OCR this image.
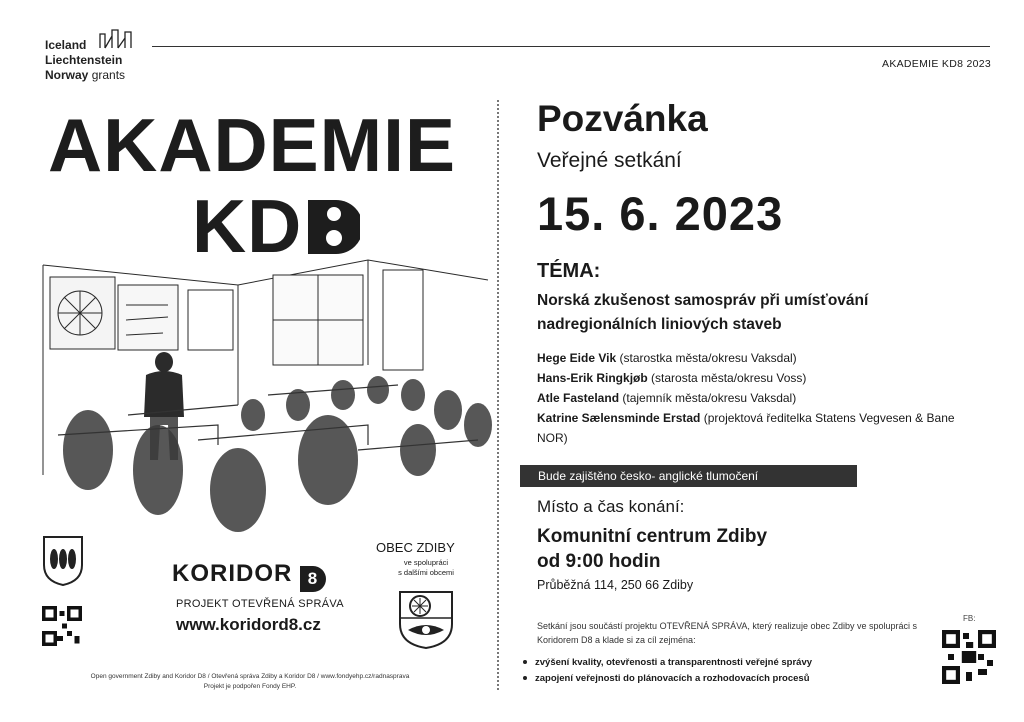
Iceland
Liechtenstein
Norway grants
AKADEMIE KD8 2023
AKADEMIE
KD
KORIDOR 8
PROJEKT OTEVŘENÁ SPRÁVA
www.koridord8.cz
OBEC ZDIBY
ve spolupráci
s dalšími obcemi
Open government Zdiby and Koridor D8 / Otevřená správa Zdiby a Koridor D8 / www.fondyehp.cz/radnasprava
Projekt je podpořen Fondy EHP.
Pozvánka
Veřejné setkání
15. 6. 2023
TÉMA:
Norská zkušenost samospráv při umísťování
nadregionálních liniových staveb
Hege Eide Vik (starostka města/okresu Vaksdal)
Hans-Erik Ringkjøb (starosta města/okresu Voss)
Atle Fasteland (tajemník města/okresu Vaksdal)
Katrine Sælensminde Erstad (projektová ředitelka Statens Vegvesen & Bane NOR)
Bude zajištěno česko- anglické tlumočení
Místo a čas konání:
Komunitní centrum Zdiby
od 9:00 hodin
Průběžná 114, 250 66 Zdiby
Setkání jsou součástí projektu OTEVŘENÁ SPRÁVA, který realizuje obec Zdiby ve spolupráci s Koridorem D8 a klade si za cíl zejména:
zvýšení kvality, otevřenosti a transparentnosti veřejné správy
zapojení veřejnosti do plánovacích a rozhodovacích procesů
FB:
